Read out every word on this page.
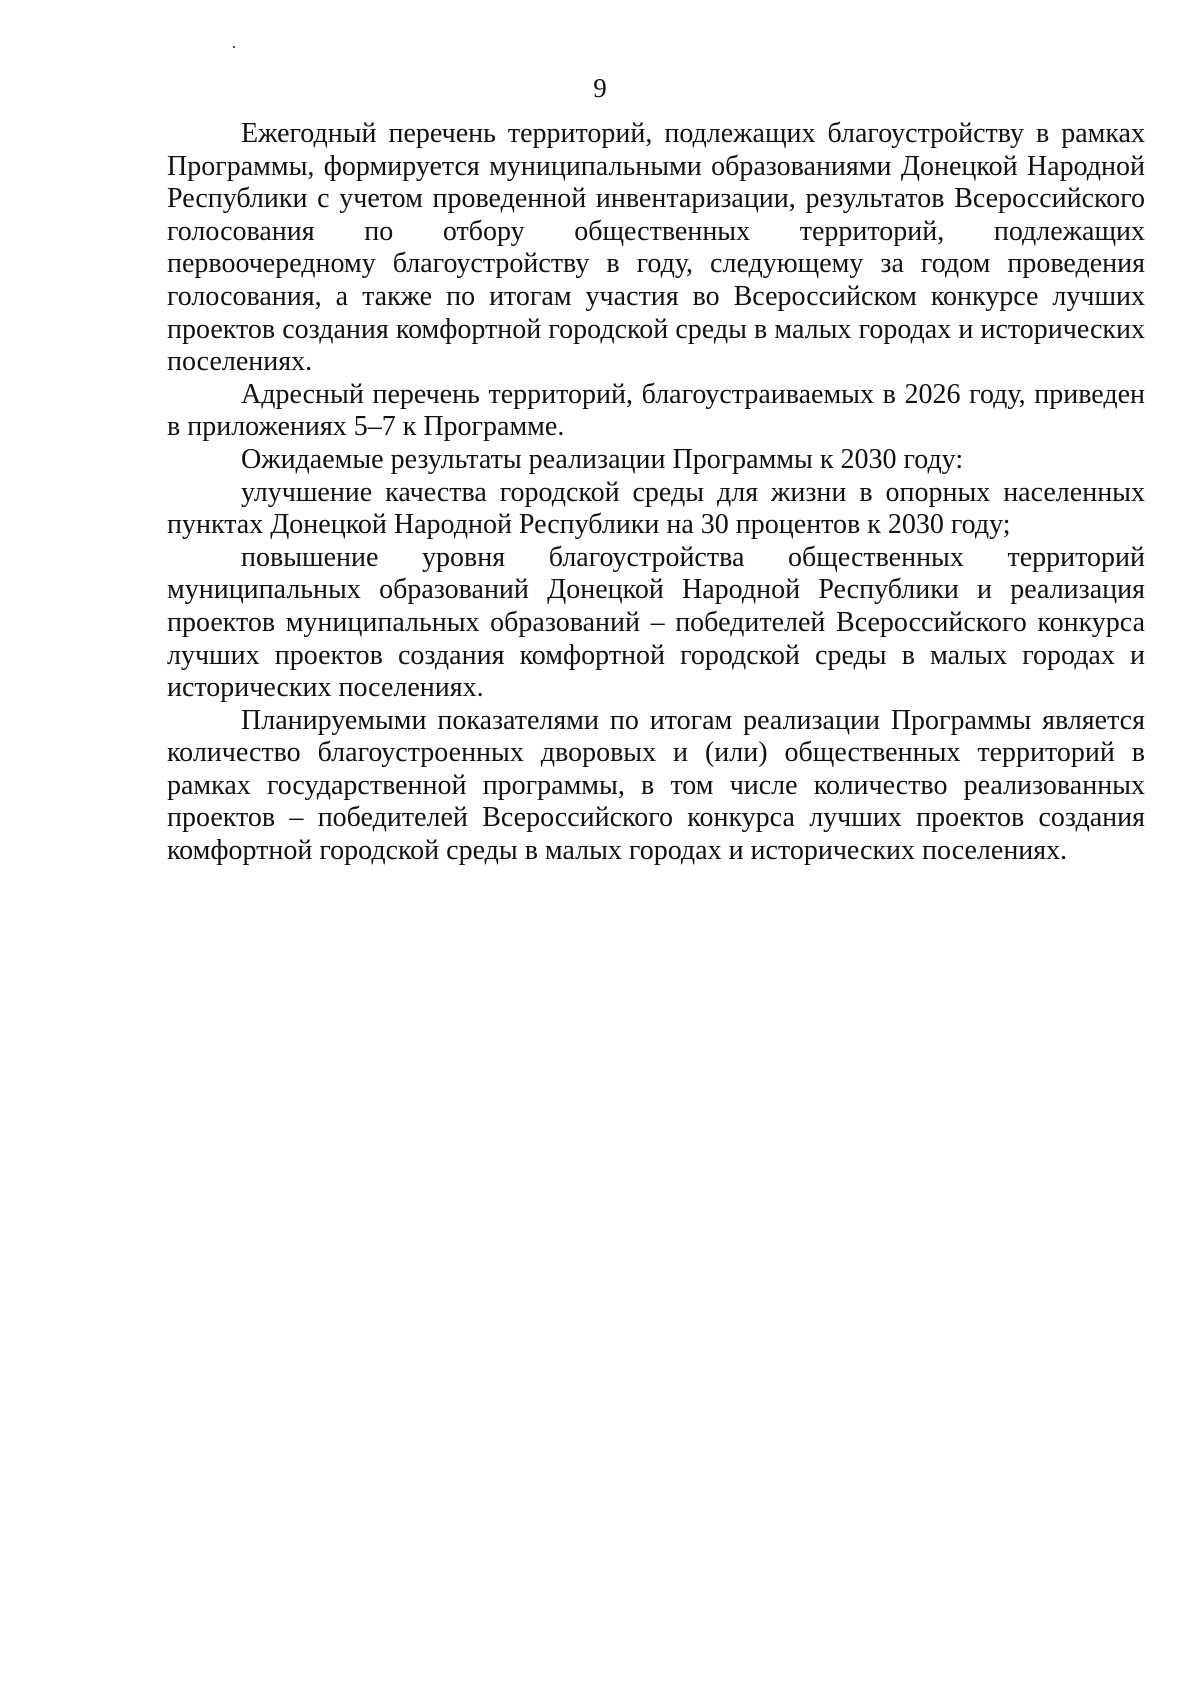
9

Ежегодный перечень территорий, подлежащих благоустройству в рамках Программы, формируется муниципальными образованиями Донецкой Народной Республики с учетом проведенной инвентаризации, результатов Всероссийского голосования по отбору общественных территорий, подлежащих первоочередному благоустройству в году, следующему за годом проведения голосования, а также по итогам участия во Всероссийском конкурсе лучших проектов создания комфортной городской среды в малых городах и исторических поселениях.

Адресный перечень территорий, благоустраиваемых в 2026 году, приведен в приложениях 5–7 к Программе.

Ожидаемые результаты реализации Программы к 2030 году:

улучшение качества городской среды для жизни в опорных населенных пунктах Донецкой Народной Республики на 30 процентов к 2030 году;

повышение уровня благоустройства общественных территорий муниципальных образований Донецкой Народной Республики и реализация проектов муниципальных образований – победителей Всероссийского конкурса лучших проектов создания комфортной городской среды в малых городах и исторических поселениях.

Планируемыми показателями по итогам реализации Программы является количество благоустроенных дворовых и (или) общественных территорий в рамках государственной программы, в том числе количество реализованных проектов – победителей Всероссийского конкурса лучших проектов создания комфортной городской среды в малых городах и исторических поселениях.
